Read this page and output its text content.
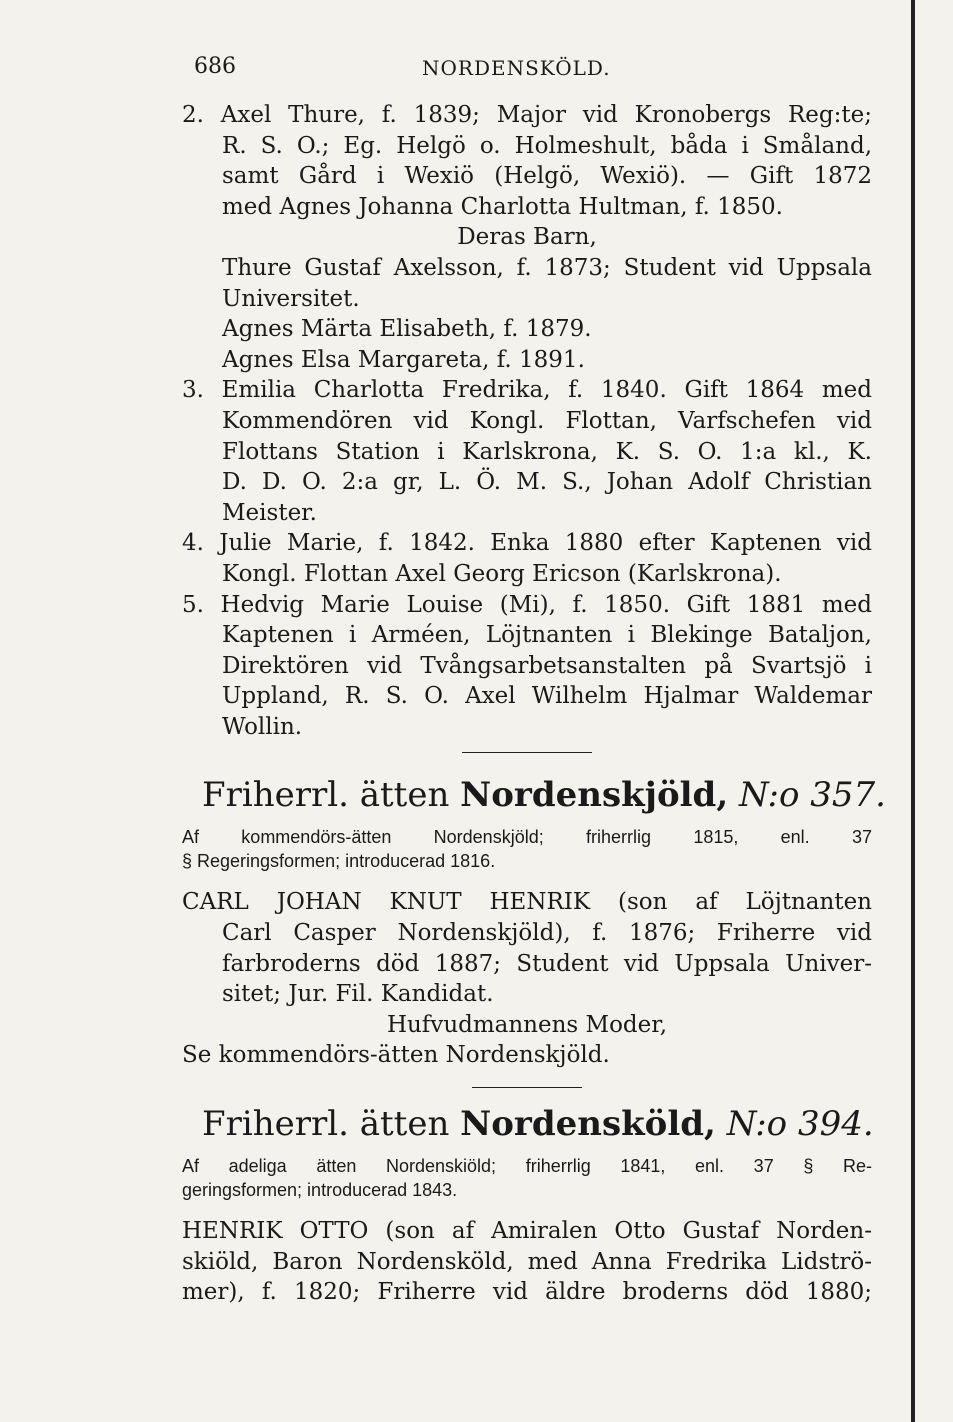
686	NORDENSKÖLD.
2. Axel Thure, f. 1839; Major vid Kronobergs Reg:te;
R. S. O.; Eg. Helgö o. Holmeshult, båda i Småland,
samt Gård i Wexiö (Helgö, Wexiö). — Gift 1872
med Agnes Johanna Charlotta Hultman, f. 1850.
Deras Barn,
Thure Gustaf Axelsson, f. 1873; Student vid Uppsala
Universitet.
Agnes Märta Elisabeth, f. 1879.
Agnes Elsa Margareta, f. 1891.
3. Emilia Charlotta Fredrika, f. 1840. Gift 1864 med
Kommendören vid Kongl. Flottan, Varfschefen vid
Flottans Station i Karlskrona, K. S. O. 1:a kl., K.
D. D. O. 2:a gr, L. Ö. M. S., Johan Adolf Christian
Meister.
4. Julie Marie, f. 1842. Enka 1880 efter Kaptenen vid
Kongl. Flottan Axel Georg Ericson (Karlskrona).
5. Hedvig Marie Louise (Mi), f. 1850. Gift 1881 med
Kaptenen i Arméen, Löjtnanten i Blekinge Bataljon,
Direktören vid Tvångsarbetsanstalten på Svartsjö i
Uppland, R. S. O. Axel Wilhelm Hjalmar Waldemar
Wollin.
Friherrl. ätten Nordenskjöld, N:o 357.
Af kommendörs-ätten Nordenskjöld; friherrlig 1815, enl. 37
§ Regeringsformen; introducerad 1816.
CARL JOHAN KNUT HENRIK (son af Löjtnanten
Carl Casper Nordenskjöld), f. 1876; Friherre vid
farbroderns död 1887; Student vid Uppsala Univer-
sitet; Jur. Fil. Kandidat.
Hufvudmannens Moder,
Se kommendörs-ätten Nordenskjöld.
Friherrl. ätten Nordensköld, N:o 394.
Af adeliga ätten Nordenskiöld; friherrlig 1841, enl. 37 § Re-
geringsformen; introducerad 1843.
HENRIK OTTO (son af Amiralen Otto Gustaf Norden-
skiöld, Baron Nordensköld, med Anna Fredrika Lidströ-
mer), f. 1820; Friherre vid äldre broderns död 1880;
